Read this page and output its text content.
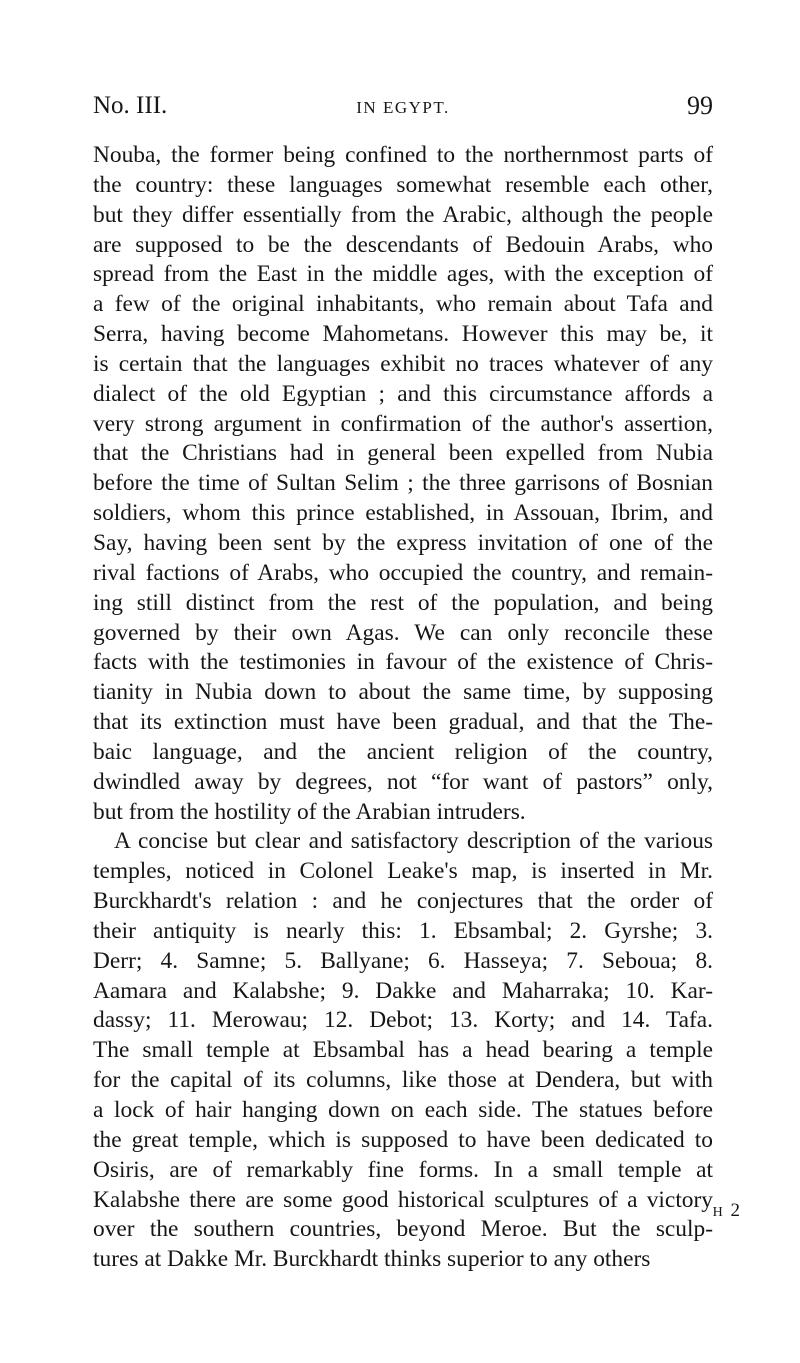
No. III.	IN EGYPT.	99

Nouba, the former being confined to the northernmost parts of
the country: these languages somewhat resemble each other,
but they differ essentially from the Arabic, although the people
are supposed to be the descendants of Bedouin Arabs, who
spread from the East in the middle ages, with the exception of
a few of the original inhabitants, who remain about Tafa and
Serra, having become Mahometans. However this may be, it
is certain that the languages exhibit no traces whatever of any
dialect of the old Egyptian ; and this circumstance affords a
very strong argument in confirmation of the author's assertion,
that the Christians had in general been expelled from Nubia
before the time of Sultan Selim ; the three garrisons of Bosnian
soldiers, whom this prince established, in Assouan, Ibrim, and
Say, having been sent by the express invitation of one of the
rival factions of Arabs, who occupied the country, and remain-
ing still distinct from the rest of the population, and being
governed by their own Agas. We can only reconcile these
facts with the testimonies in favour of the existence of Chris-
tianity in Nubia down to about the same time, by supposing
that its extinction must have been gradual, and that the The-
baic language, and the ancient religion of the country,
dwindled away by degrees, not “for want of pastors” only,
but from the hostility of the Arabian intruders.

A concise but clear and satisfactory description of the various
temples, noticed in Colonel Leake's map, is inserted in Mr.
Burckhardt's relation : and he conjectures that the order of
their antiquity is nearly this: 1. Ebsambal; 2. Gyrshe; 3.
Derr; 4. Samne; 5. Ballyane; 6. Hasseya; 7. Seboua; 8.
Aamara and Kalabshe; 9. Dakke and Maharraka; 10. Kar-
dassy; 11. Merowau; 12. Debot; 13. Korty; and 14. Tafa.
The small temple at Ebsambal has a head bearing a temple
for the capital of its columns, like those at Dendera, but with
a lock of hair hanging down on each side. The statues before
the great temple, which is supposed to have been dedicated to
Osiris, are of remarkably fine forms. In a small temple at
Kalabshe there are some good historical sculptures of a victory
over the southern countries, beyond Meroe. But the sculp-
tures at Dakke Mr. Burckhardt thinks superior to any others

H 2
